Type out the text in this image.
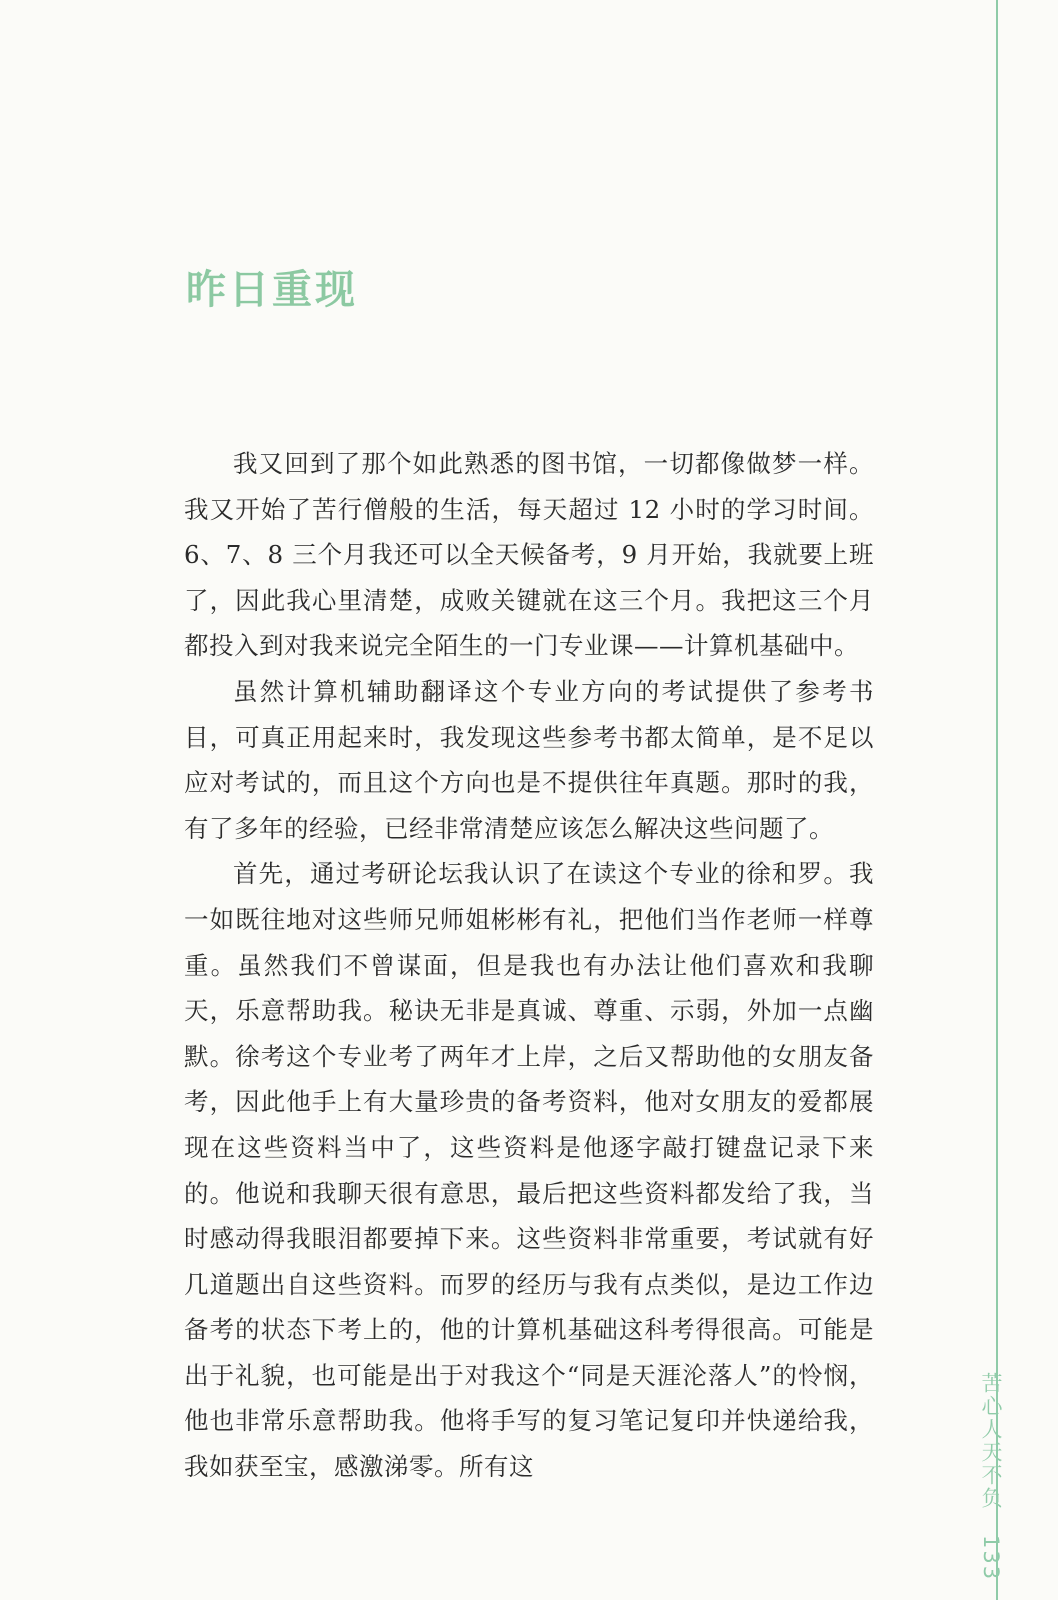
昨日重现

我又回到了那个如此熟悉的图书馆，一切都像做梦一样。我又开始了苦行僧般的生活，每天超过 12 小时的学习时间。6、7、8 三个月我还可以全天候备考，9 月开始，我就要上班了，因此我心里清楚，成败关键就在这三个月。我把这三个月都投入到对我来说完全陌生的一门专业课——计算机基础中。

虽然计算机辅助翻译这个专业方向的考试提供了参考书目，可真正用起来时，我发现这些参考书都太简单，是不足以应对考试的，而且这个方向也是不提供往年真题。那时的我，有了多年的经验，已经非常清楚应该怎么解决这些问题了。

首先，通过考研论坛我认识了在读这个专业的徐和罗。我一如既往地对这些师兄师姐彬彬有礼，把他们当作老师一样尊重。虽然我们不曾谋面，但是我也有办法让他们喜欢和我聊天，乐意帮助我。秘诀无非是真诚、尊重、示弱，外加一点幽默。徐考这个专业考了两年才上岸，之后又帮助他的女朋友备考，因此他手上有大量珍贵的备考资料，他对女朋友的爱都展现在这些资料当中了，这些资料是他逐字敲打键盘记录下来的。他说和我聊天很有意思，最后把这些资料都发给了我，当时感动得我眼泪都要掉下来。这些资料非常重要，考试就有好几道题出自这些资料。而罗的经历与我有点类似，是边工作边备考的状态下考上的，他的计算机基础这科考得很高。可能是出于礼貌，也可能是出于对我这个“同是天涯沦落人”的怜悯，他也非常乐意帮助我。他将手写的复习笔记复印并快递给我，我如获至宝，感激涕零。所有这	苦心人天不负 133
